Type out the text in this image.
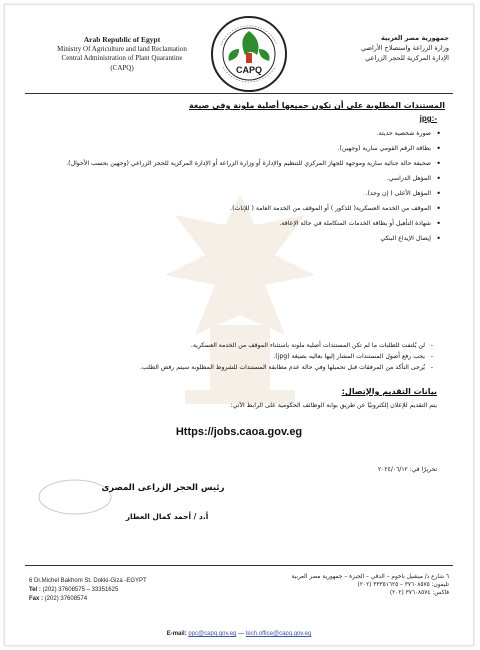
Arab Republic of Egypt
Ministry Of Agriculture and land Reclamation
Central Administration of Plant Quarantine
(CAPQ)	CAPQ
جمهورية مصر العربية
وزارة الزراعة واستصلاح الأراضي
الإدارة المركزية للحجر الزراعي
المستندات المطلوبة على أن تكون جميعها أصلية ملونة وفى صيغة
jpg:-
• صورة شخصية حديثة.
• بطاقة الرقم القومي سارية (وجهين).
• صحيفة حالة جنائية سارية وموجهة للجهاز المركزي للتنظيم والإدارة أو وزارة الزراعة أو الإدارة المركزية للحجر الزراعي (وجهين بحسب الأحوال).
• المؤهل الدراسي.
• المؤهل الأعلى ( إن وجد).
• الموقف من الخدمة العسكرية( للذكور ) أو الموقف من الخدمة العامة ( للإناث).
• شهادة التأهيل أو بطاقة الخدمات المتكاملة في حالة الإعاقة.
• إيصال الإيداع البنكي
- لن يُلتفت للطلبات ما لم تكن المستندات أصلية ملونة باستثناء الموقف من الخدمة العسكرية.
- يجب رفع أصول المستندات المشار إليها بعاليه بصيغة (jpg).
- يُرجى التأكد من المرفقات قبل تحميلها وفي حالة عدم مطابقة المستندات للشروط المطلوبة سيتم رفض الطلب.
بيانات التقديم والإتصال:
يتم التقديم للإعلان إلكترونيًا عن طريق بوابة الوظائف الحكومية على الرابط الآتي:
Https://jobs.caoa.gov.eg
تحريرًا في: ٢٠٢٤/٠٦/١٢
رئيس الحجر الزراعى المصرى
أ.د / أحمد كمال العطار
6 Dr.Michel Bakhom St. Dokki-Giza -EGYPT
Tel : (202) 37608575 – 33351625
Fax : (202) 37608574
٦ شارع د/ ميشيل باخوم – الدقي – الجيزة – جمهورية مصر العربية
تليفون: ٣٧٦٠٨٥٧٥ – ٣٣٣٥١٦٢٥ (٢٠٢)
فاكس: ٣٧٦٠٨٥٧٤ (٢٠٢)
E-mail: ppc@capq.gov.eg — tech.office@capq.gov.eg
